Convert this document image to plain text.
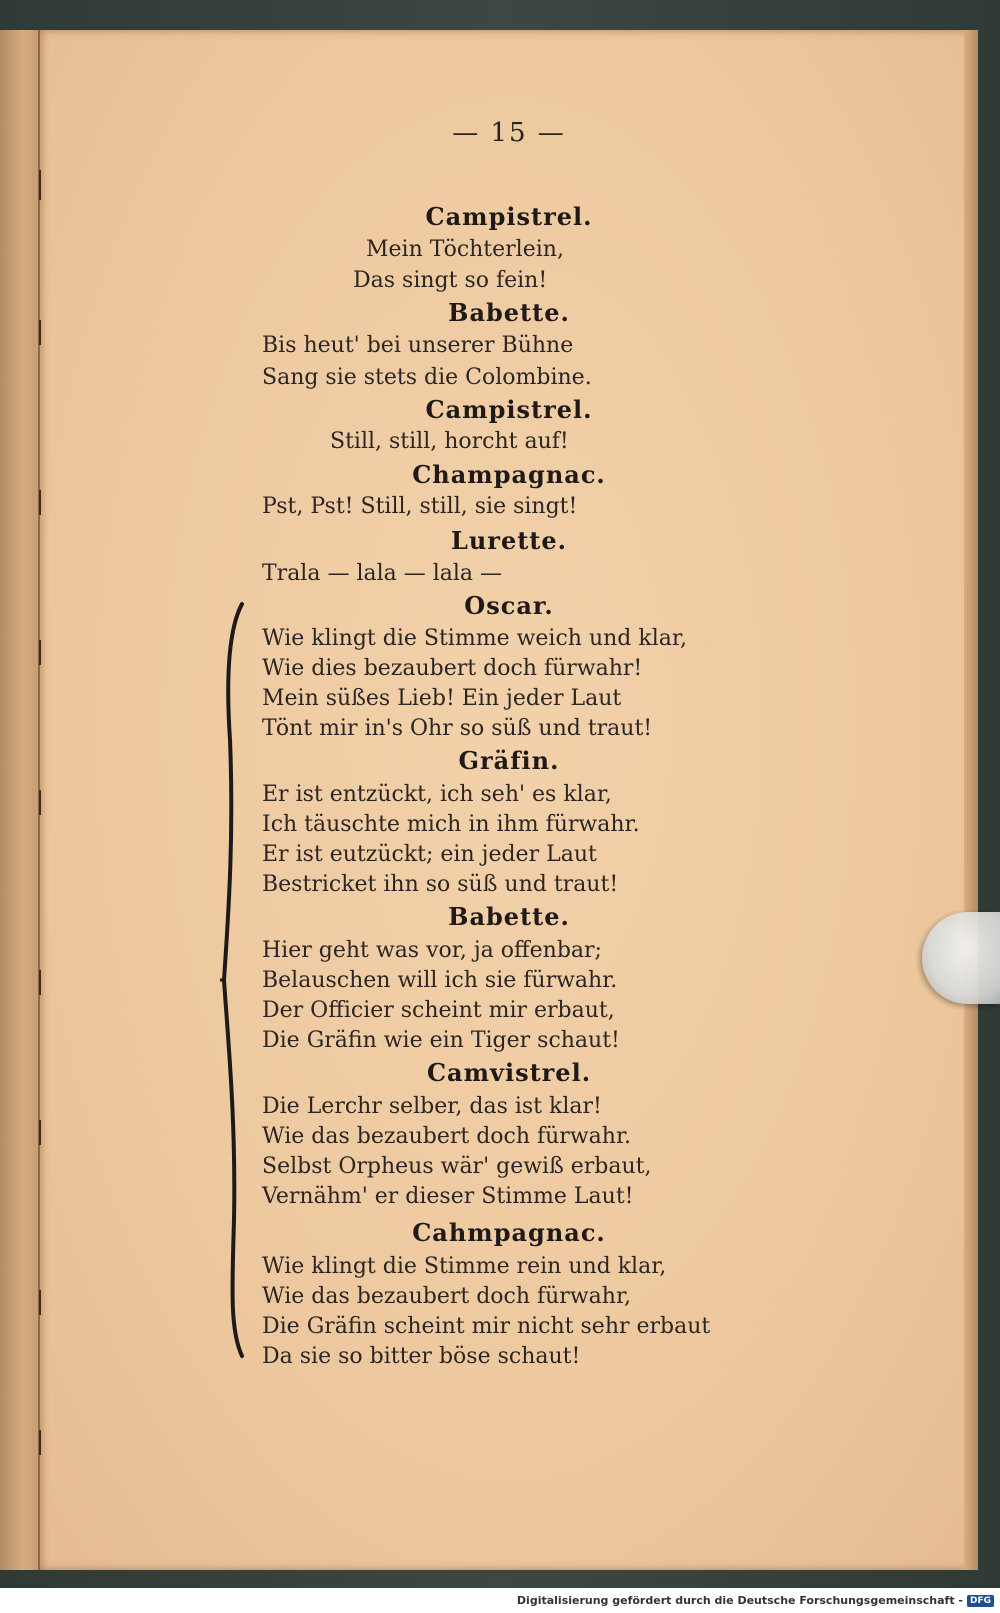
— 15 —
Campistrel.
Mein Töchterlein,
Das singt so fein!
Babette.
Bis heut' bei unserer Bühne
Sang sie stets die Colombine.
Campistrel.
Still, still, horcht auf!
Champagnac.
Pst, Pst! Still, still, sie singt!
Lurette.
Trala — lala — lala —
Oscar.
Wie klingt die Stimme weich und klar,
Wie dies bezaubert doch fürwahr!
Mein süßes Lieb! Ein jeder Laut
Tönt mir in's Ohr so süß und traut!
Gräfin.
Er ist entzückt, ich seh' es klar,
Ich täuschte mich in ihm fürwahr.
Er ist eutzückt; ein jeder Laut
Bestricket ihn so süß und traut!
Babette.
Hier geht was vor, ja offenbar;
Belauschen will ich sie fürwahr.
Der Officier scheint mir erbaut,
Die Gräfin wie ein Tiger schaut!
Camvistrel.
Die Lerchr selber, das ist klar!
Wie das bezaubert doch fürwahr.
Selbst Orpheus wär' gewiß erbaut,
Vernähm' er dieser Stimme Laut!
Cahmpagnac.
Wie klingt die Stimme rein und klar,
Wie das bezaubert doch fürwahr,
Die Gräfin scheint mir nicht sehr erbaut
Da sie so bitter böse schaut!
Digitalisierung gefördert durch die Deutsche Forschungsgemeinschaft - DFG
